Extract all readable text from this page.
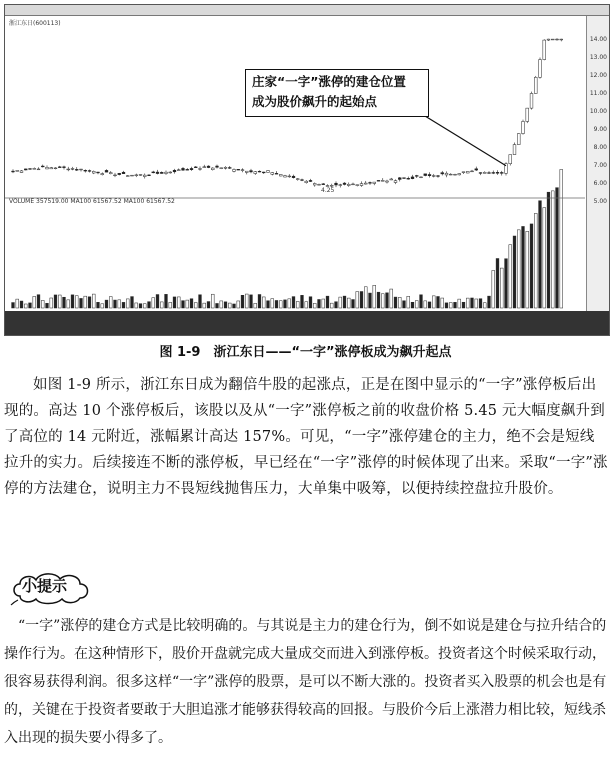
浙江东日(600113)
VOLUME 357519.00 MA100 61567.52 MA100 61567.52
4.25
14.00
13.00
12.00
11.00
10.00
9.00
8.00
7.00
6.00
5.00
庄家“一字”涨停的建仓位置
成为股价飙升的起始点
图 1-9　浙江东日——“一字”涨停板成为飙升起点
如图 1-9 所示，浙江东日成为翻倍牛股的起涨点，正是在图中显示的“一字”涨停板后出现的。高达 10 个涨停板后，该股以及从“一字”涨停板之前的收盘价格 5.45 元大幅度飙升到了高位的 14 元附近，涨幅累计高达 157%。可见，“一字”涨停建仓的主力，绝不会是短线拉升的实力。后续接连不断的涨停板，早已经在“一字”涨停的时候体现了出来。采取“一字”涨停的方法建仓，说明主力不畏短线抛售压力，大单集中吸筹，以便持续控盘拉升股价。
小提示
“一字”涨停的建仓方式是比较明确的。与其说是主力的建仓行为，倒不如说是建仓与拉升结合的操作行为。在这种情形下，股价开盘就完成大量成交而进入到涨停板。投资者这个时候采取行动，很容易获得利润。很多这样“一字”涨停的股票，是可以不断大涨的。投资者买入股票的机会也是有的，关键在于投资者要敢于大胆追涨才能够获得较高的回报。与股价今后上涨潜力相比较，短线杀入出现的损失要小得多了。
